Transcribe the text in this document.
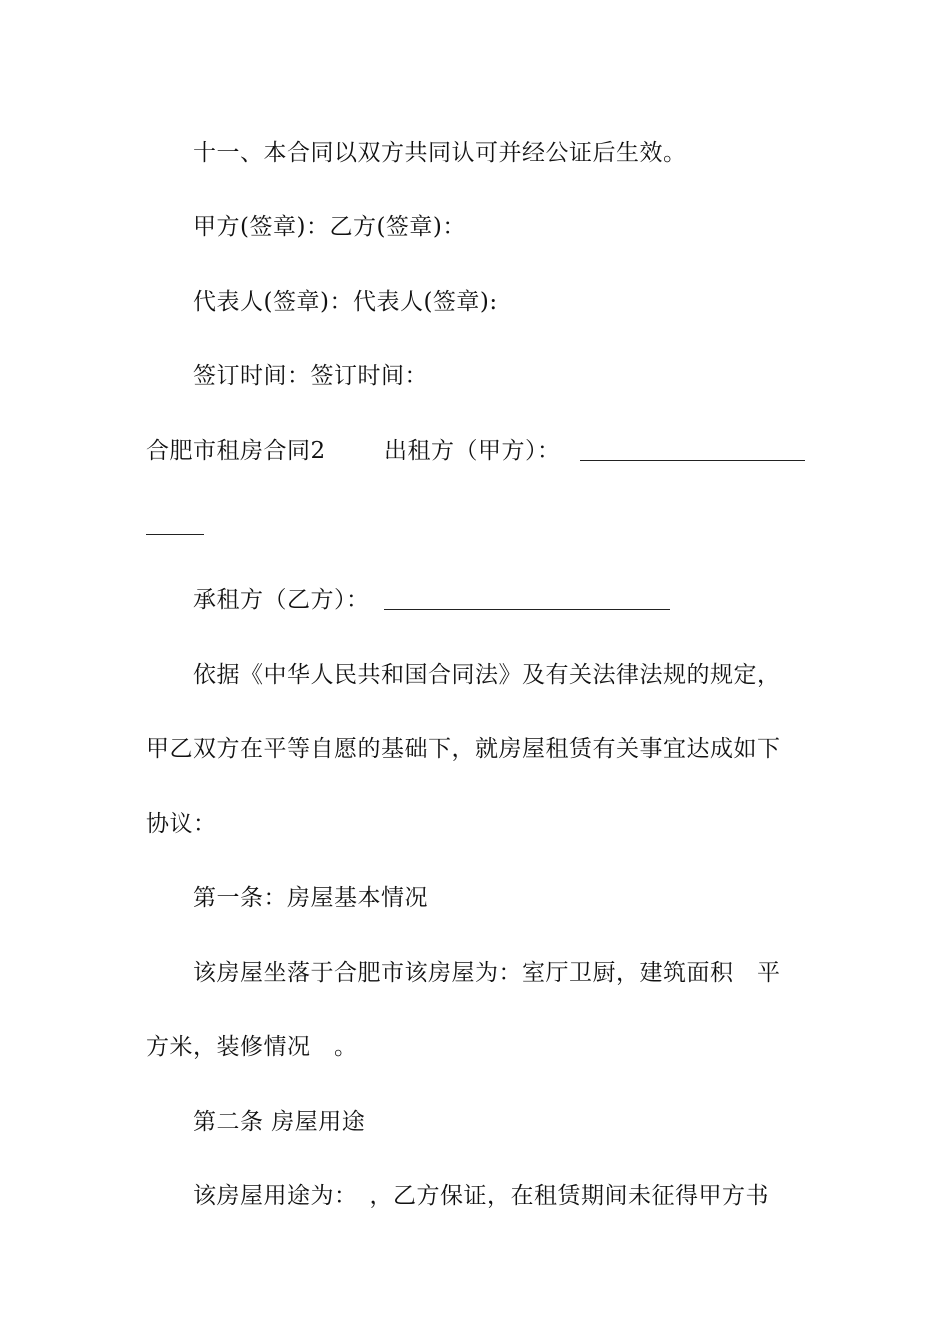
十一、本合同以双方共同认可并经公证后生效。
甲方(签章)：乙方(签章)：
代表人(签章)：代表人(签章):
签订时间：签订时间：
合肥市租房合同2	出租方（甲方）：
承租方（乙方）：
依据《中华人民共和国合同法》及有关法律法规的规定，
甲乙双方在平等自愿的基础下，就房屋租赁有关事宜达成如下
协议：
第一条：房屋基本情况
该房屋坐落于合肥市该房屋为：室厅卫厨，建筑面积　平
方米，装修情况　。
第二条 房屋用途
该房屋用途为：　，乙方保证，在租赁期间未征得甲方书
